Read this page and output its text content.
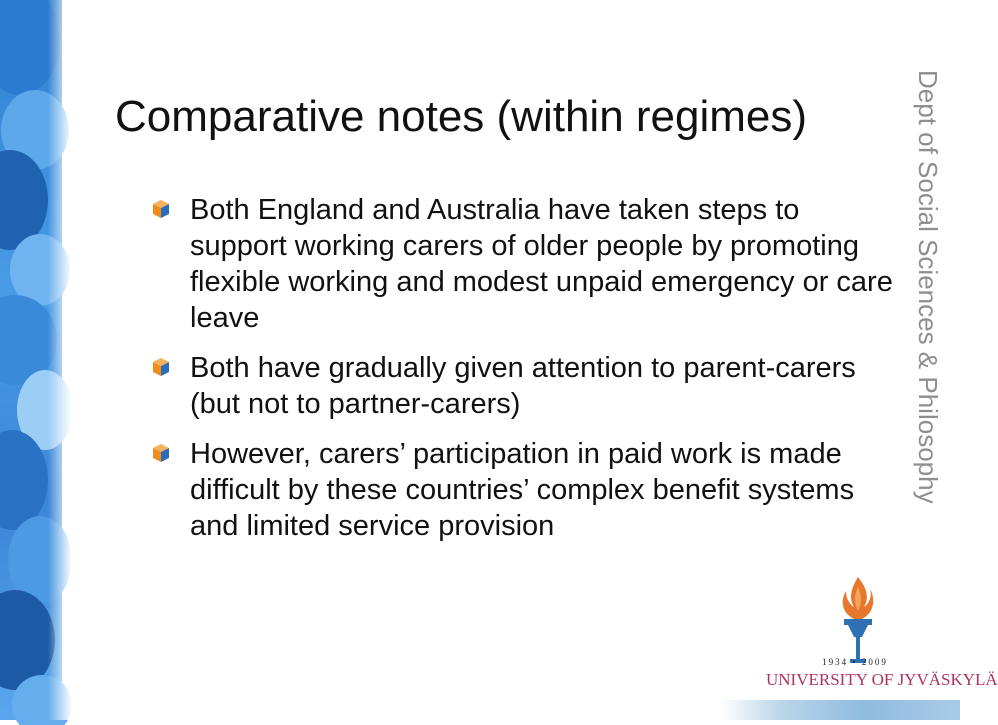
Comparative notes (within regimes)
Both England and Australia have taken steps to support working carers of older people by promoting flexible working and modest unpaid emergency or care leave
Both have gradually given attention to parent-carers (but not to partner-carers)
However, carers’ participation in paid work is made difficult by these countries’ complex benefit systems and limited service provision
Dept of Social Sciences & Philosophy
1934 • 2009
UNIVERSITY OF JYVÄSKYLÄ
